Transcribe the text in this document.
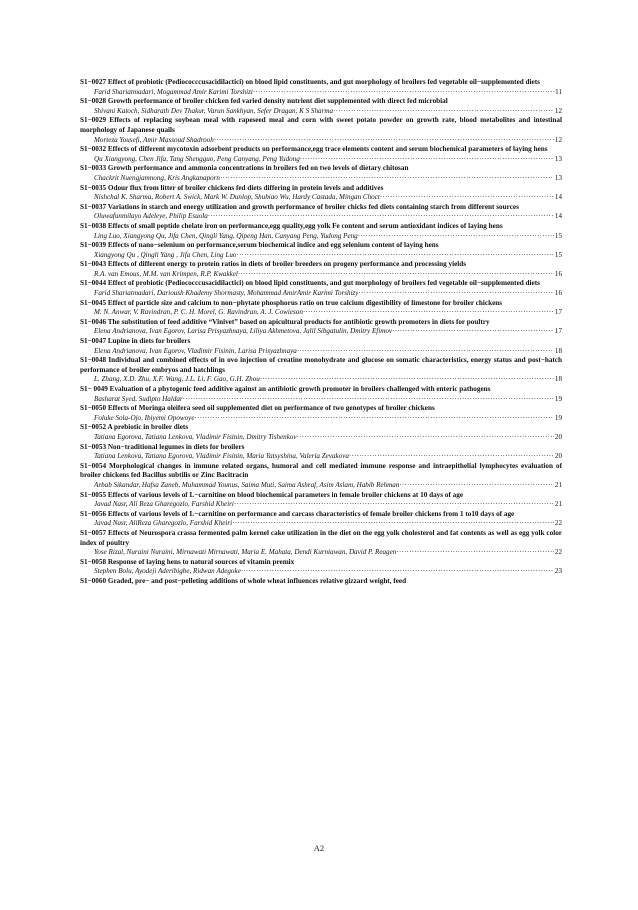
S1−0027 Effect of probiotic (Pediococccusacidilactici) on blood lipid constituents, and gut morphology of broilers fed vegetable oil−supplemented diets
Farid Shariatmadari, Mogammad Amir Karimi Torshizi ·····	11
S1−0028 Growth performance of broiler chicken fed varied density nutrient diet supplemented with direct fed microbial
Shivani Katoch, Sidharath Dev Thakur, Varun Sankhyan, Sefer Dragan, K S Sharma ·····	12
S1−0029 Effects of replacing soybean meal with rapeseed meal and corn with sweet potato powder on growth rate, blood metabolites and intestinal morphology of Japanese quails
Morteza Yousefi, Amir Massoud Shadrooh ·····	12
S1−0032 Effects of different mycotoxin adsorbent products on performance,egg trace elements content and serum biochemical parameters of laying hens
Qu Xiangyong, Chen Jifa, Tang Shengguo, Peng Canyang, Peng Yudong ·····	13
S1−0033 Growth performance and ammonia concentrations in broilers fed on two levels of dietary chitosan
Chackrit Nuengjamnong, Kris Angkanaporn ·····	13
S1−0035 Odour flux from litter of broiler chickens fed diets differing in protein levels and additives
Nishchal K. Sharma, Robert A. Swick, Mark W. Dunlop, Shubiao Wu, Hardy Castada, Mingan Choct ·····	14
S1−0037 Variations in starch and energy utilization and growth performance of broiler chicks fed diets containing starch from different sources
Oluwafunmilayo Adeleye, Philip Esuola ·····	14
S1−0038 Effects of small peptide chelate iron on performance,egg quality,egg yolk Fe content and serum antioxidant indices of laying hens
Ling Luo, Xiangyong Qu, Jifa Chen, Qingli Yang, Qipeng Han, Canyang Peng, Yudong Peng ·····	15
S1−0039 Effects of nano−selenium on performance,serum biochemical indice and egg selenium content of laying hens
Xiangyong Qu , Qingli Yang , Jifa Chen, Ling Luo ·····	15
S1−0043 Effects of different energy to protein ratios in diets of broiler breeders on progeny performance and processing yields
R.A. van Emous, M.M. van Krimpen, R.P. Kwakkel ·····	16
S1−0044 Effect of probiotic (Pediococccusacidilactici) on blood lipid constituents, and gut morphology of broilers fed vegetable oil−supplemented diets
Farid Shariatmadari, Darioush Khademy Shormasty, Mohammad AmirAmir Karimi Torshizy ·····	16
S1−0045 Effect of particle size and calcium to non−phytate phosphorus ratio on true calcium digestibility of limestone for broiler chickens
M. N. Anwar, V. Ravindran, P. C. H. Morel, G. Ravindran, A. J. Cowieson ·····	17
S1−0046 The substitution of feed additive “Vinivet” based on apicultural products for antibiotic growth promoters in diets for poultry
Elena Andrianova, Ivan Egorov, Larisa Prisyazhnaya, Liliya Akhmetova, Jalil Sibgatulin, Dmitry Efimov ·····	17
S1−0047 Lupine in diets for broilers
Elena Andrianova, Ivan Egorov, Vladimir Fisinin, Larisa Prisyazhnaya ·····	18
S1−0048 Individual and combined effects of in ovo injection of creatine monohydrate and glucose on somatic characteristics, energy status and post−hatch performance of broiler embryos and hatchlings
L. Zhang, X.D. Zhu, X.F. Wang, J.L. Li, F. Gao, G.H. Zhou ·····	18
S1− 0049 Evaluation of a phytogenic feed additive against an antibiotic growth promoter in broilers challenged with enteric pathogens
Basharat Syed, Sudipto Haldar ·····	19
S1−0050 Effects of Moringa oleifera seed oil supplemented diet on performance of two genotypes of broiler chickens
Foluke Sola-Ojo, Ibiyemi Opowoye ·····	19
S1−0052 A prebiotic in broiler diets
Tatiana Egorova, Tatiana Lenkova, Vladimir Fisinin, Dmitry Tishenkov ·····	20
S1−0053 Non−traditional legumes in diets for broilers
Tatiana Lenkova, Tatiana Egorova, Vladimir Fisinin, Maria Yatsyshina, Valeria Zevakova ·····	20
S1−0054 Morphological changes in immune related organs, humoral and cell mediated immune response and intraepithelial lymphocytes evaluation of broiler chickens fed Bacillus subtilis or Zinc Bacitracin
Arbab Sikandar, Hafsa Zaneb, Muhammad Younus, Saima Muti, Saima Ashraf, Asim Aslam, Habib Rehman ·····	21
S1−0055 Effects of various levels of L−carnitine on blood biochemical parameters in female broiler chickens at 10 days of age
Javad Nasr, Ali Reza Gharegozlo, Farshid Kheiri ·····	21
S1−0056 Effects of various levels of L−carnitine on performance and carcass characteristics of female broiler chickens from 1 to10 days of age
Javad Nasr, AliReza Gharegozlo, Farshid Kheiri ·····	22
S1−0057 Effects of Neurospora crassa fermented palm kernel cake utilization in the diet on the egg yolk cholesterol and fat contents as well as egg yolk color index of poultry
Yose Rizal, Nuraini Nuraini, Mirnawati Mirnawati, Maria E. Mahata, Dendi Kurniawan, David P. Reagen ·····	22
S1−0058 Response of laying hens to natural sources of vitamin premix
Stephen Bolu, Ayodeji Aderibigbe, Ridwan Adegoke ·····	23
S1−0060 Graded, pre− and post−pelleting additions of whole wheat influences relative gizzard weight, feed
A2
